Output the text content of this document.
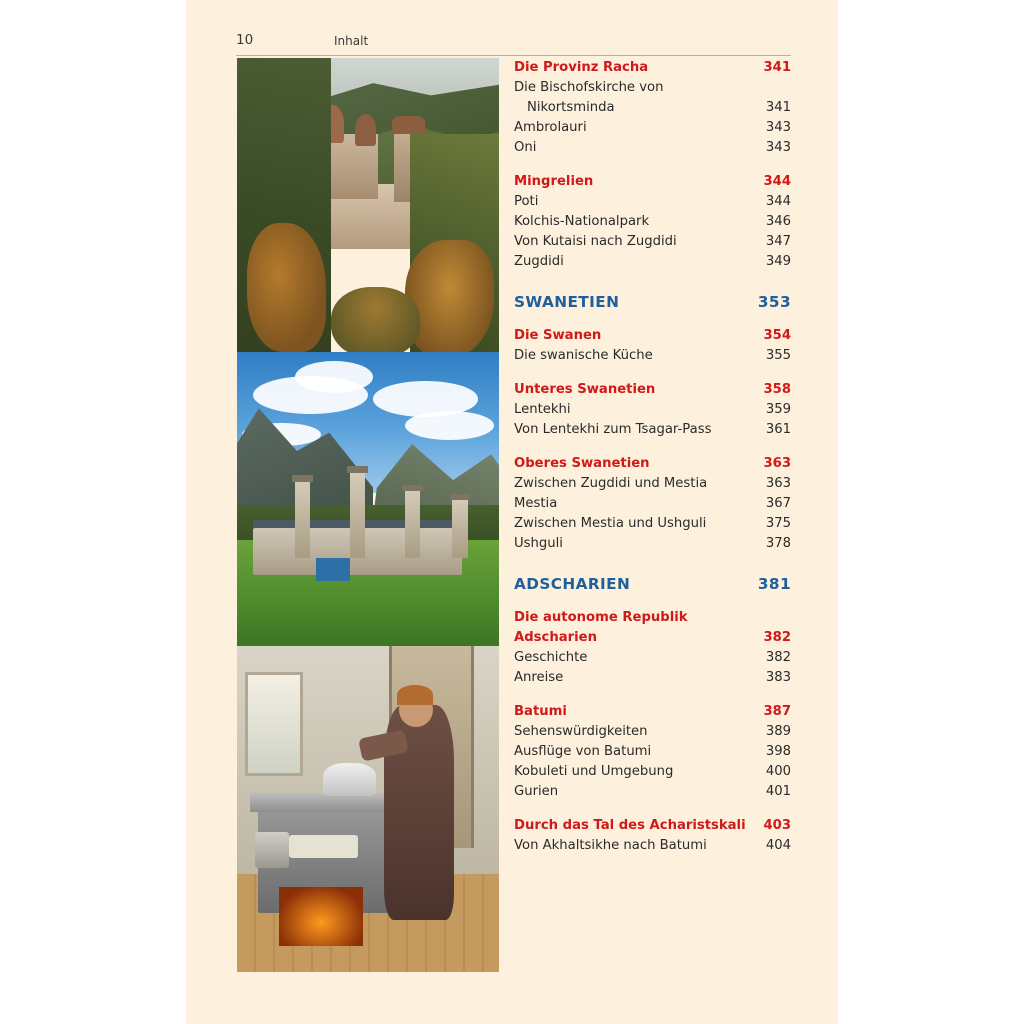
10	Inhalt
Die Provinz Racha	341
Die Bischofskirche von
Nikortsminda	341
Ambrolauri	343
Oni	343
Mingrelien	344
Poti	344
Kolchis-Nationalpark	346
Von Kutaisi nach Zugdidi	347
Zugdidi	349
SWANETIEN	353
Die Swanen	354
Die swanische Küche	355
Unteres Swanetien	358
Lentekhi	359
Von Lentekhi zum Tsagar-Pass	361
Oberes Swanetien	363
Zwischen Zugdidi und Mestia	363
Mestia	367
Zwischen Mestia und Ushguli	375
Ushguli	378
ADSCHARIEN	381
Die autonome Republik
Adscharien	382
Geschichte	382
Anreise	383
Batumi	387
Sehenswürdigkeiten	389
Ausflüge von Batumi	398
Kobuleti und Umgebung	400
Gurien	401
Durch das Tal des Acharistskali 403
Von Akhaltsikhe nach Batumi	404
